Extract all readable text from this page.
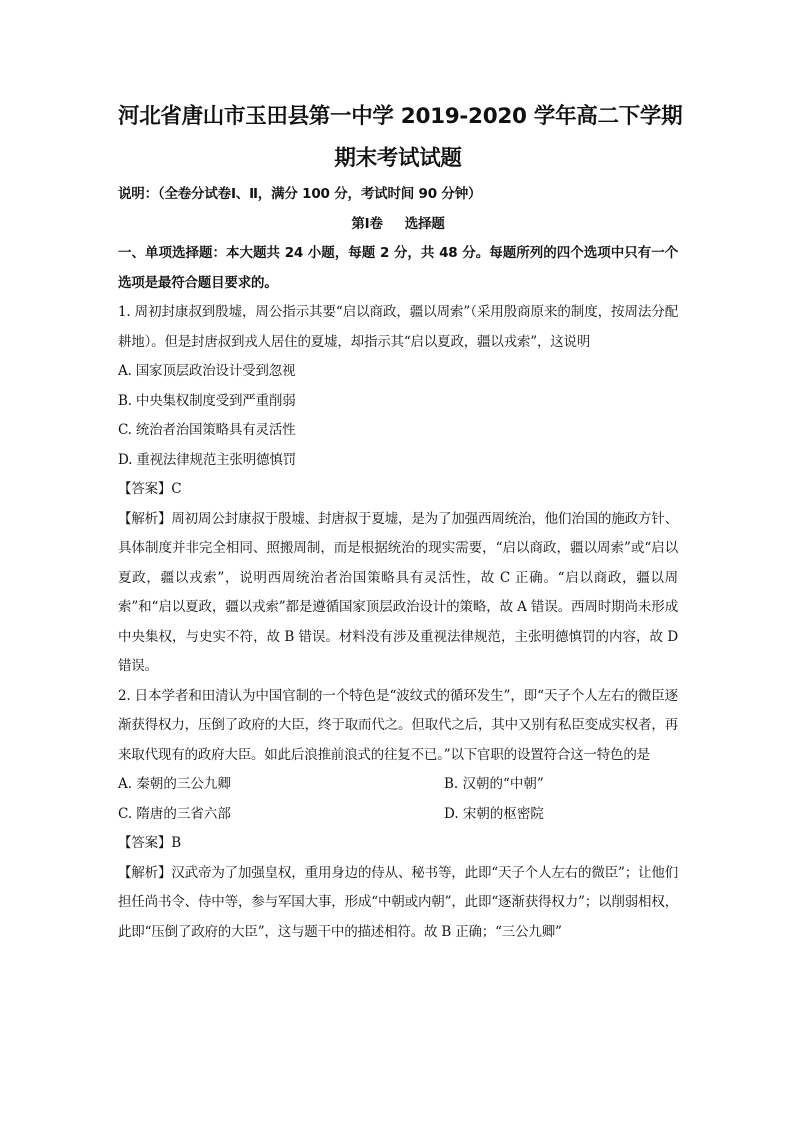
河北省唐山市玉田县第一中学 2019-2020 学年高二下学期
期末考试试题
说明：（全卷分试卷Ⅰ、Ⅱ，满分 100 分，考试时间 90 分钟）
第Ⅰ卷 选择题
一、单项选择题：本大题共 24 小题，每题 2 分，共 48 分。每题所列的四个选项中只有一个选项是最符合题目要求的。
1. 周初封康叔到殷墟，周公指示其要“启以商政，疆以周索”（采用殷商原来的制度，按周法分配耕地）。但是封唐叔到戎人居住的夏墟，却指示其“启以夏政，疆以戎索”，这说明
A. 国家顶层政治设计受到忽视
B. 中央集权制度受到严重削弱
C. 统治者治国策略具有灵活性
D. 重视法律规范主张明德慎罚
【答案】C
【解析】周初周公封康叔于殷墟、封唐叔于夏墟，是为了加强西周统治，他们治国的施政方针、具体制度并非完全相同、照搬周制，而是根据统治的现实需要，“启以商政，疆以周索”或“启以夏政，疆以戎索”，说明西周统治者治国策略具有灵活性，故 C 正确。“启以商政，疆以周索”和“启以夏政，疆以戎索”都是遵循国家顶层政治设计的策略，故 A 错误。西周时期尚未形成中央集权，与史实不符，故 B 错误。材料没有涉及重视法律规范，主张明德慎罚的内容，故 D 错误。
2. 日本学者和田清认为中国官制的一个特色是“波纹式的循环发生”，即“天子个人左右的微臣逐渐获得权力，压倒了政府的大臣，终于取而代之。但取代之后，其中又别有私臣变成实权者，再来取代现有的政府大臣。如此后浪推前浪式的往复不已。”以下官职的设置符合这一特色的是
A. 秦朝的三公九卿	B. 汉朝的“中朝”
C. 隋唐的三省六部	D. 宋朝的枢密院
【答案】B
【解析】汉武帝为了加强皇权，重用身边的侍从、秘书等，此即“天子个人左右的微臣”；让他们担任尚书令、侍中等，参与军国大事，形成“中朝或内朝”，此即“逐渐获得权力”；以削弱相权，此即“压倒了政府的大臣”，这与题干中的描述相符。故 B 正确；“三公九卿”
